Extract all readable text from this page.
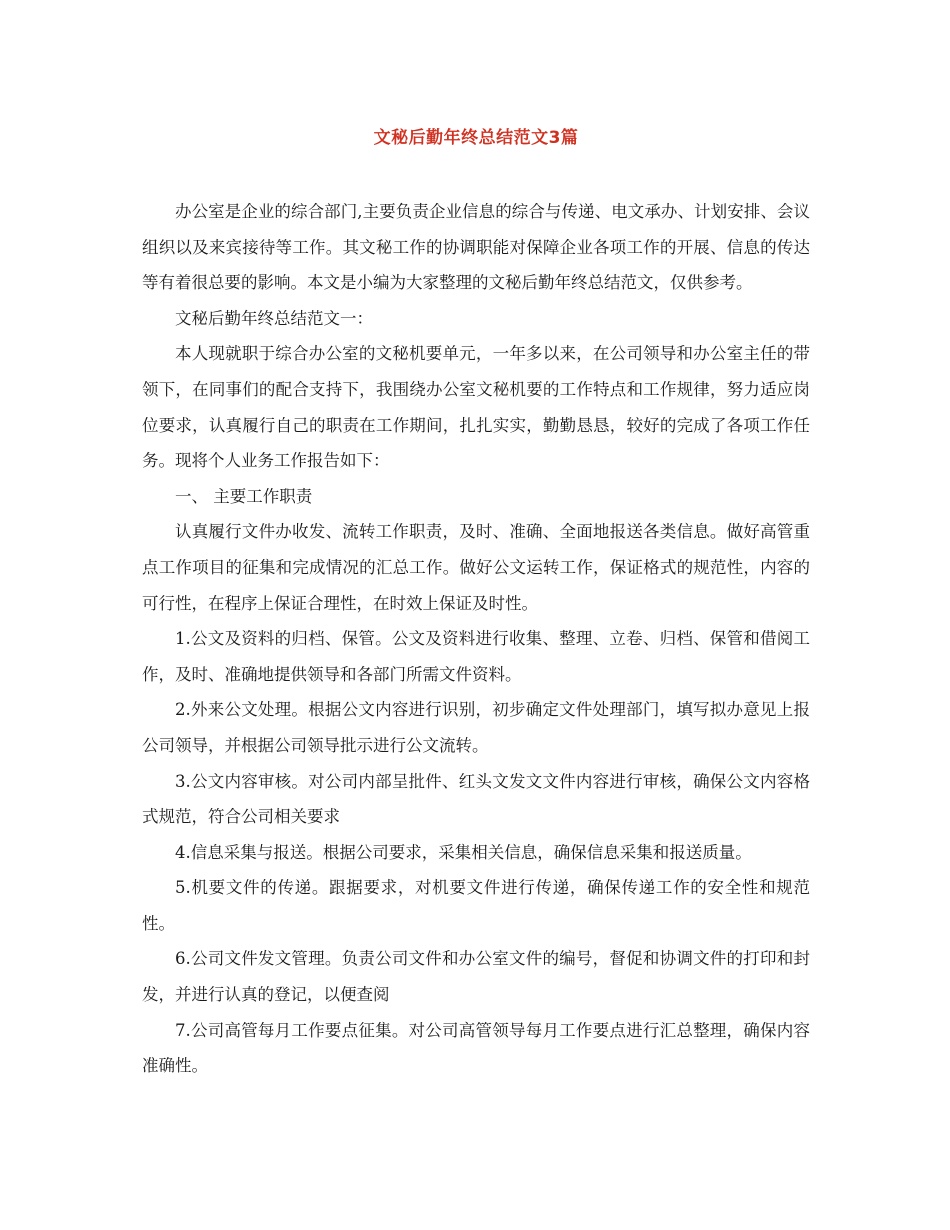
文秘后勤年终总结范文3篇

办公室是企业的综合部门,主要负责企业信息的综合与传递、电文承办、计划安排、会议组织以及来宾接待等工作。其文秘工作的协调职能对保障企业各项工作的开展、信息的传达等有着很总要的影响。本文是小编为大家整理的文秘后勤年终总结范文，仅供参考。

文秘后勤年终总结范文一：

本人现就职于综合办公室的文秘机要单元，一年多以来，在公司领导和办公室主任的带领下，在同事们的配合支持下，我围绕办公室文秘机要的工作特点和工作规律，努力适应岗位要求，认真履行自己的职责在工作期间，扎扎实实，勤勤恳恳，较好的完成了各项工作任务。现将个人业务工作报告如下：

一、 主要工作职责

认真履行文件办收发、流转工作职责，及时、准确、全面地报送各类信息。做好高管重点工作项目的征集和完成情况的汇总工作。做好公文运转工作，保证格式的规范性，内容的可行性，在程序上保证合理性，在时效上保证及时性。

1.公文及资料的归档、保管。公文及资料进行收集、整理、立卷、归档、保管和借阅工作，及时、准确地提供领导和各部门所需文件资料。

2.外来公文处理。根据公文内容进行识别，初步确定文件处理部门，填写拟办意见上报公司领导，并根据公司领导批示进行公文流转。

3.公文内容审核。对公司内部呈批件、红头文发文文件内容进行审核，确保公文内容格式规范，符合公司相关要求

4.信息采集与报送。根据公司要求，采集相关信息，确保信息采集和报送质量。

5.机要文件的传递。跟据要求，对机要文件进行传递，确保传递工作的安全性和规范性。

6.公司文件发文管理。负责公司文件和办公室文件的编号，督促和协调文件的打印和封发，并进行认真的登记，以便查阅

7.公司高管每月工作要点征集。对公司高管领导每月工作要点进行汇总整理，确保内容准确性。
